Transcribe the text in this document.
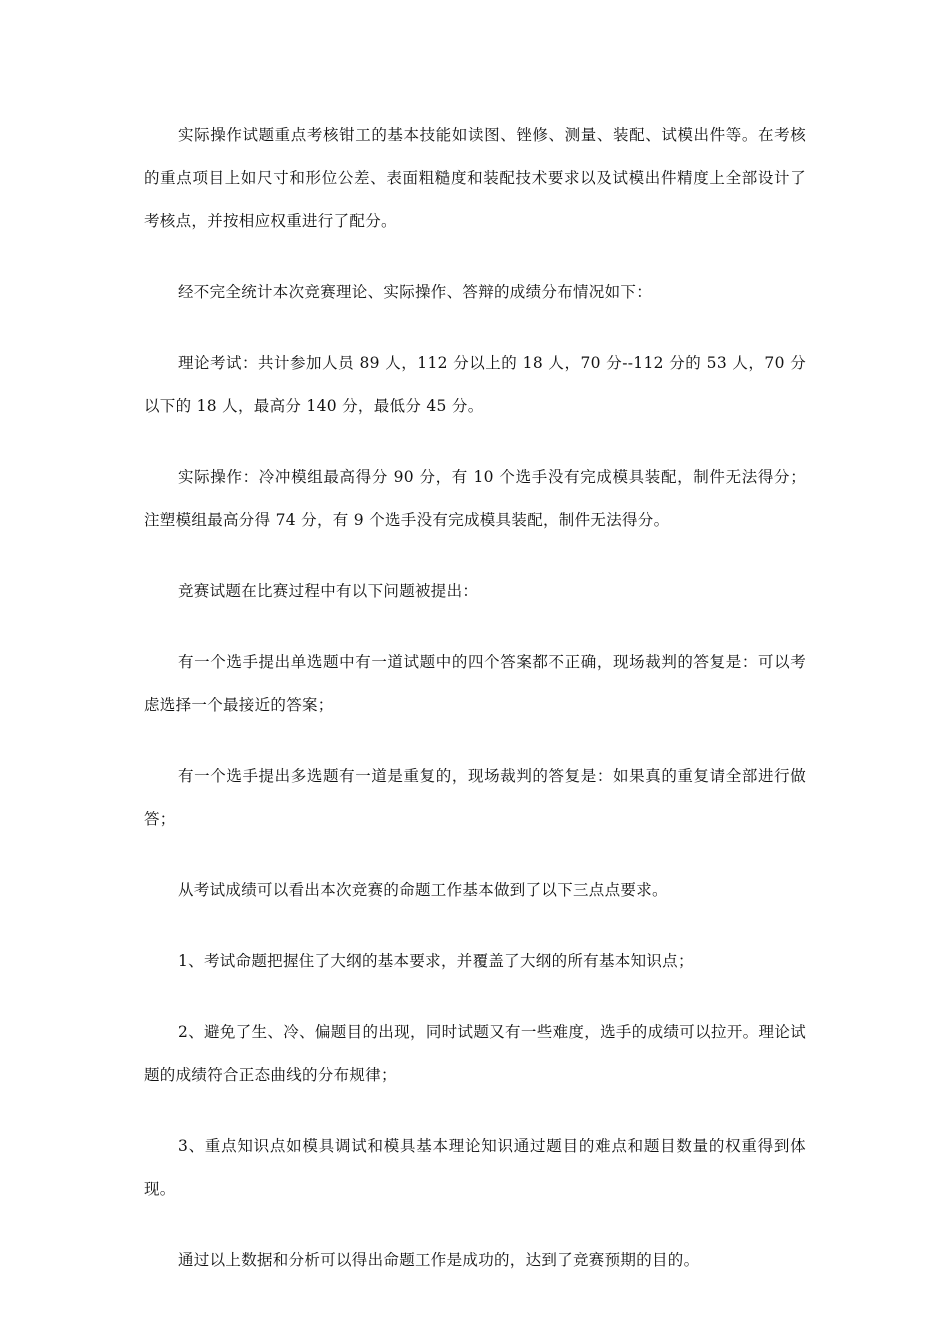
实际操作试题重点考核钳工的基本技能如读图、锉修、测量、装配、试模出件等。在考核的重点项目上如尺寸和形位公差、表面粗糙度和装配技术要求以及试模出件精度上全部设计了考核点，并按相应权重进行了配分。

经不完全统计本次竞赛理论、实际操作、答辩的成绩分布情况如下：

理论考试：共计参加人员 89 人，112 分以上的 18 人，70 分--112 分的 53 人，70 分以下的 18 人，最高分 140 分，最低分 45 分。

实际操作：冷冲模组最高得分 90 分，有 10 个选手没有完成模具装配，制件无法得分；注塑模组最高分得 74 分，有 9 个选手没有完成模具装配，制件无法得分。

竞赛试题在比赛过程中有以下问题被提出：

有一个选手提出单选题中有一道试题中的四个答案都不正确，现场裁判的答复是：可以考虑选择一个最接近的答案；

有一个选手提出多选题有一道是重复的，现场裁判的答复是：如果真的重复请全部进行做答；

从考试成绩可以看出本次竞赛的命题工作基本做到了以下三点点要求。

1、考试命题把握住了大纲的基本要求，并覆盖了大纲的所有基本知识点；

2、避免了生、冷、偏题目的出现，同时试题又有一些难度，选手的成绩可以拉开。理论试题的成绩符合正态曲线的分布规律；

3、重点知识点如模具调试和模具基本理论知识通过题目的难点和题目数量的权重得到体现。

通过以上数据和分析可以得出命题工作是成功的，达到了竞赛预期的目的。
